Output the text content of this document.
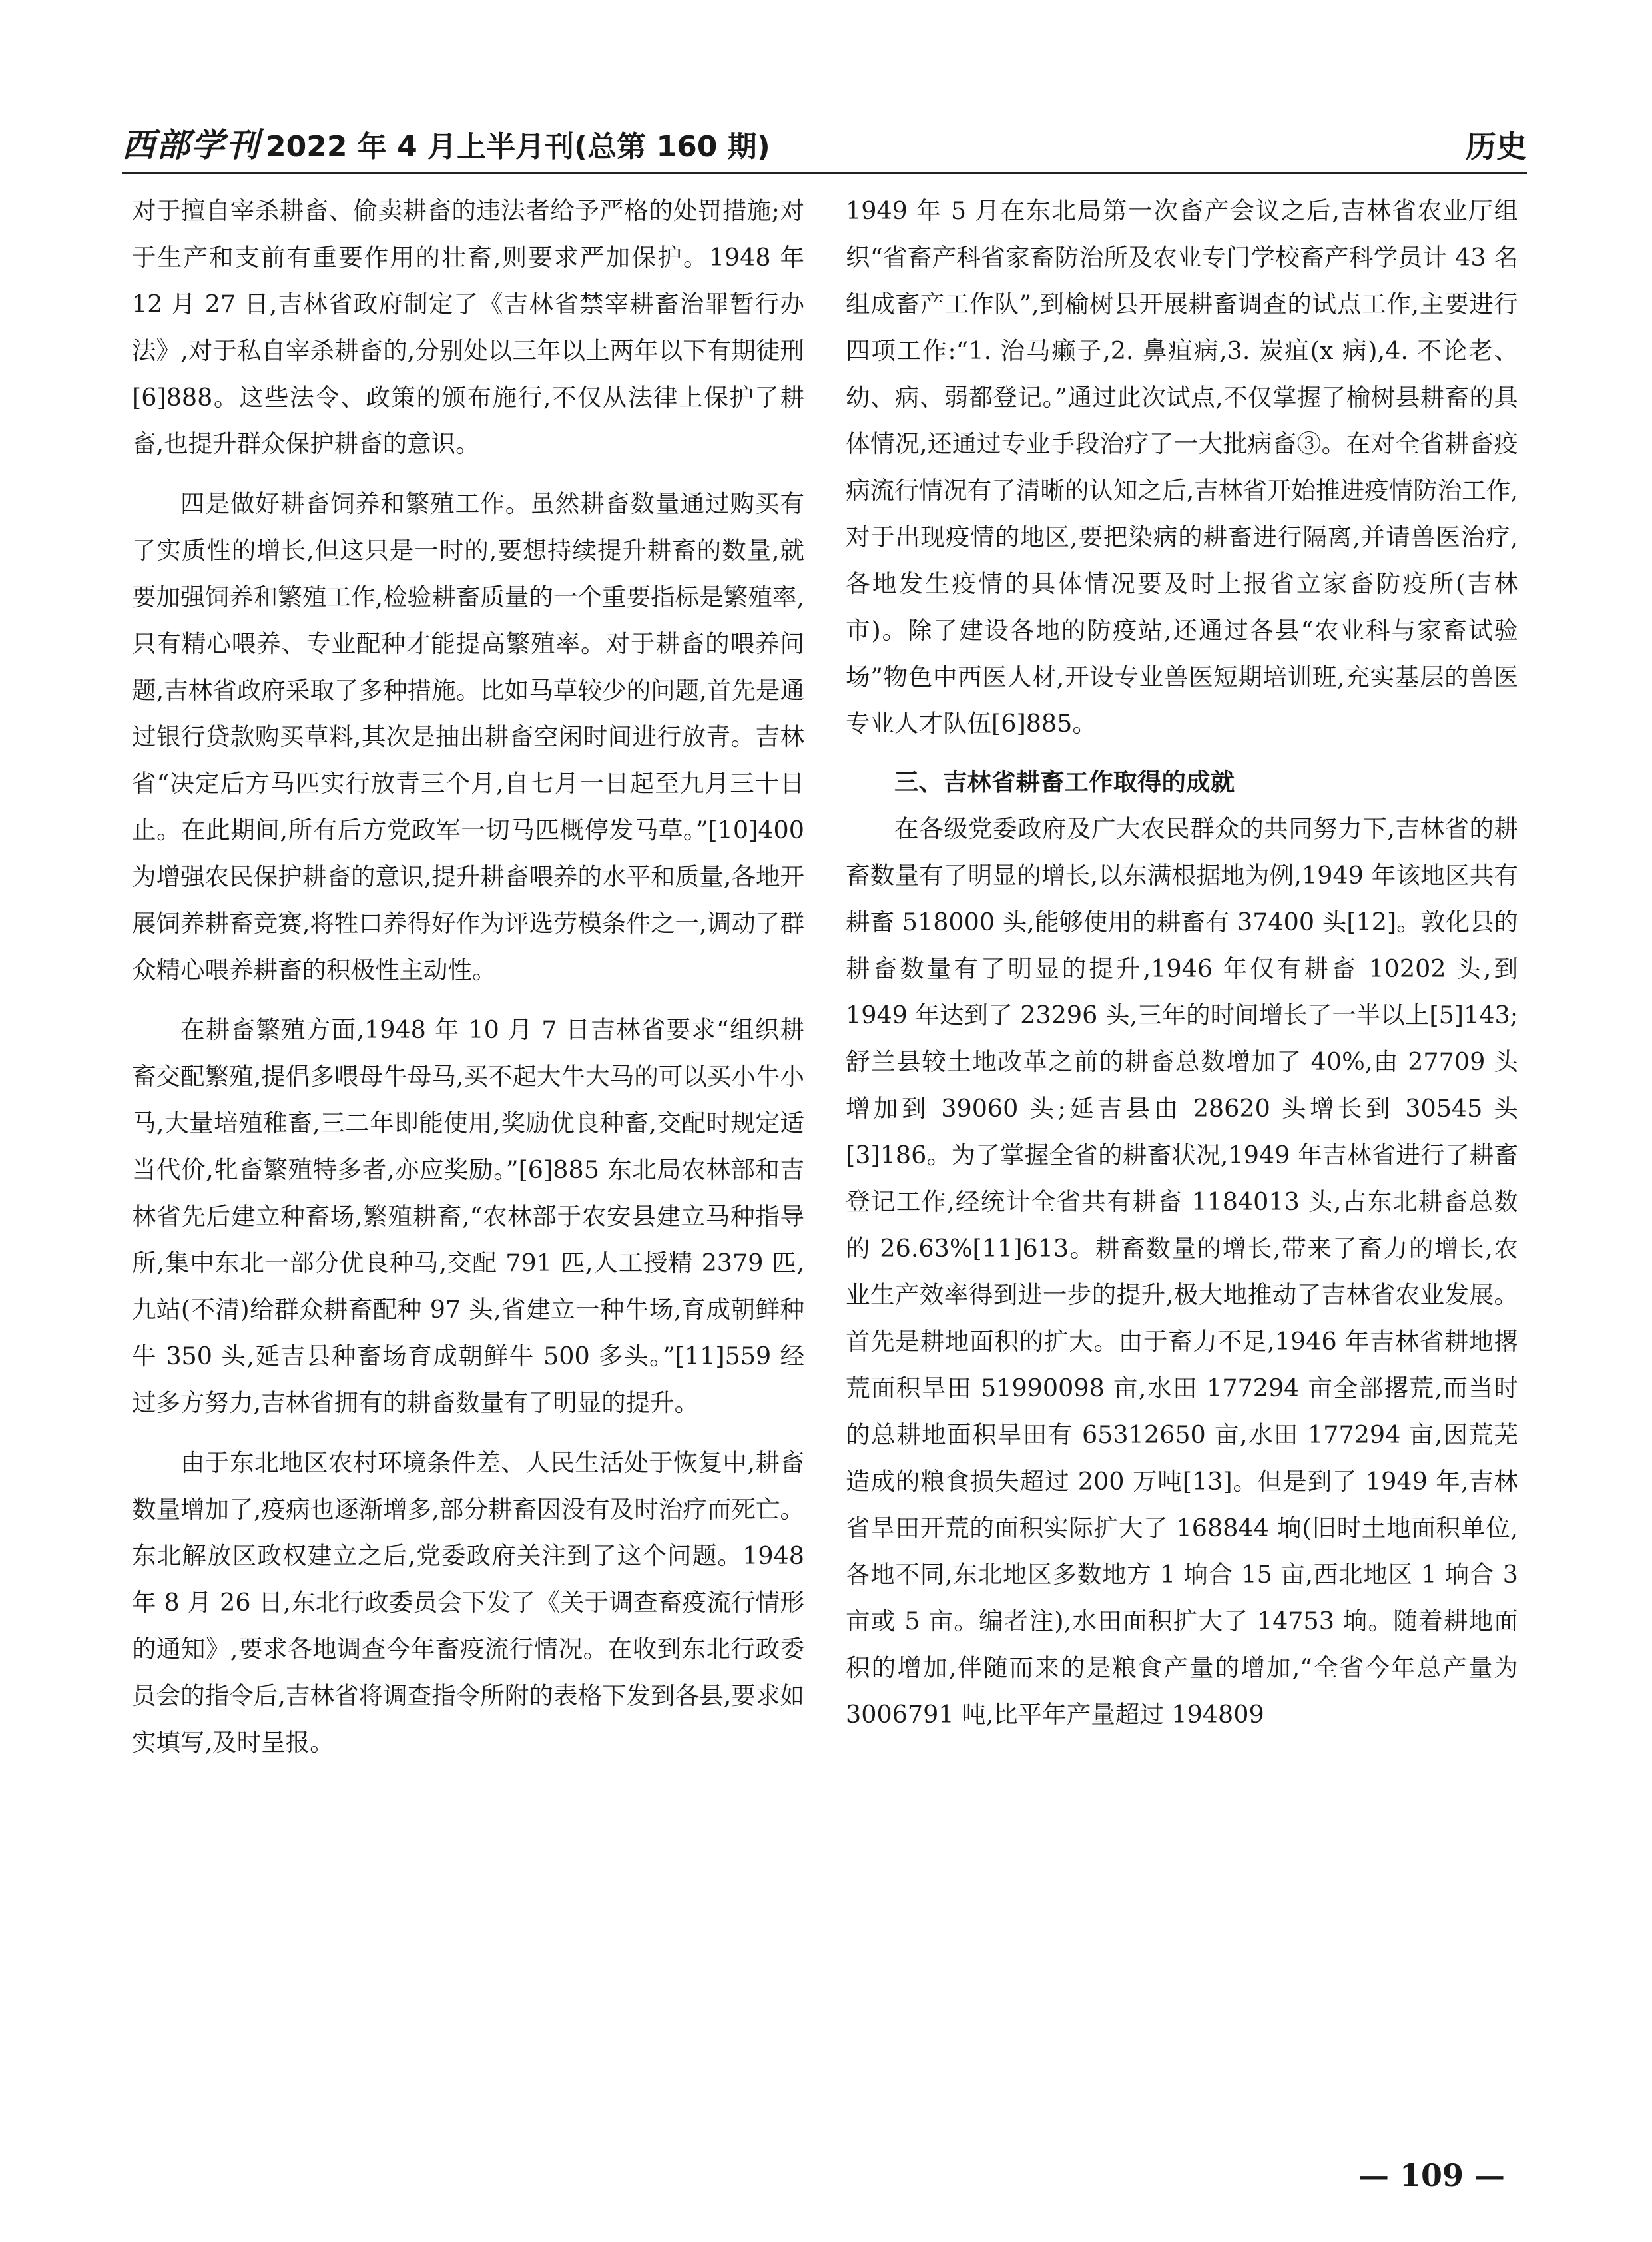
西部学刊 2022 年 4 月上半月刊(总第 160 期)	历史

对于擅自宰杀耕畜、偷卖耕畜的违法者给予严格的处罚措施;对于生产和支前有重要作用的壮畜,则要求严加保护。1948 年 12 月 27 日,吉林省政府制定了《吉林省禁宰耕畜治罪暂行办法》,对于私自宰杀耕畜的,分别处以三年以上两年以下有期徒刑[6]888。这些法令、政策的颁布施行,不仅从法律上保护了耕畜,也提升群众保护耕畜的意识。

四是做好耕畜饲养和繁殖工作。虽然耕畜数量通过购买有了实质性的增长,但这只是一时的,要想持续提升耕畜的数量,就要加强饲养和繁殖工作,检验耕畜质量的一个重要指标是繁殖率,只有精心喂养、专业配种才能提高繁殖率。对于耕畜的喂养问题,吉林省政府采取了多种措施。比如马草较少的问题,首先是通过银行贷款购买草料,其次是抽出耕畜空闲时间进行放青。吉林省“决定后方马匹实行放青三个月,自七月一日起至九月三十日止。在此期间,所有后方党政军一切马匹概停发马草。”[10]400 为增强农民保护耕畜的意识,提升耕畜喂养的水平和质量,各地开展饲养耕畜竞赛,将牲口养得好作为评选劳模条件之一,调动了群众精心喂养耕畜的积极性主动性。

在耕畜繁殖方面,1948 年 10 月 7 日吉林省要求“组织耕畜交配繁殖,提倡多喂母牛母马,买不起大牛大马的可以买小牛小马,大量培殖稚畜,三二年即能使用,奖励优良种畜,交配时规定适当代价,牝畜繁殖特多者,亦应奖励。”[6]885 东北局农林部和吉林省先后建立种畜场,繁殖耕畜,“农林部于农安县建立马种指导所,集中东北一部分优良种马,交配 791 匹,人工授精 2379 匹,九站(不清)给群众耕畜配种 97 头,省建立一种牛场,育成朝鲜种牛 350 头,延吉县种畜场育成朝鲜牛 500 多头。”[11]559 经过多方努力,吉林省拥有的耕畜数量有了明显的提升。

由于东北地区农村环境条件差、人民生活处于恢复中,耕畜数量增加了,疫病也逐渐增多,部分耕畜因没有及时治疗而死亡。东北解放区政权建立之后,党委政府关注到了这个问题。1948 年 8 月 26 日,东北行政委员会下发了《关于调查畜疫流行情形的通知》,要求各地调查今年畜疫流行情况。在收到东北行政委员会的指令后,吉林省将调查指令所附的表格下发到各县,要求如实填写,及时呈报。

1949 年 5 月在东北局第一次畜产会议之后,吉林省农业厅组织“省畜产科省家畜防治所及农业专门学校畜产科学员计 43 名组成畜产工作队”,到榆树县开展耕畜调查的试点工作,主要进行四项工作:“1. 治马癞子,2. 鼻疽病,3. 炭疽(x 病),4. 不论老、幼、病、弱都登记。”通过此次试点,不仅掌握了榆树县耕畜的具体情况,还通过专业手段治疗了一大批病畜③。在对全省耕畜疫病流行情况有了清晰的认知之后,吉林省开始推进疫情防治工作,对于出现疫情的地区,要把染病的耕畜进行隔离,并请兽医治疗,各地发生疫情的具体情况要及时上报省立家畜防疫所(吉林市)。除了建设各地的防疫站,还通过各县“农业科与家畜试验场”物色中西医人材,开设专业兽医短期培训班,充实基层的兽医专业人才队伍[6]885。

三、吉林省耕畜工作取得的成就

在各级党委政府及广大农民群众的共同努力下,吉林省的耕畜数量有了明显的增长,以东满根据地为例,1949 年该地区共有耕畜 518000 头,能够使用的耕畜有 37400 头[12]。敦化县的耕畜数量有了明显的提升,1946 年仅有耕畜 10202 头,到 1949 年达到了 23296 头,三年的时间增长了一半以上[5]143;舒兰县较土地改革之前的耕畜总数增加了 40%,由 27709 头增加到 39060 头;延吉县由 28620 头增长到 30545 头[3]186。为了掌握全省的耕畜状况,1949 年吉林省进行了耕畜登记工作,经统计全省共有耕畜 1184013 头,占东北耕畜总数的 26.63%[11]613。耕畜数量的增长,带来了畜力的增长,农业生产效率得到进一步的提升,极大地推动了吉林省农业发展。首先是耕地面积的扩大。由于畜力不足,1946 年吉林省耕地撂荒面积旱田 51990098 亩,水田 177294 亩全部撂荒,而当时的总耕地面积旱田有 65312650 亩,水田 177294 亩,因荒芜造成的粮食损失超过 200 万吨[13]。但是到了 1949 年,吉林省旱田开荒的面积实际扩大了 168844 垧(旧时土地面积单位,各地不同,东北地区多数地方 1 垧合 15 亩,西北地区 1 垧合 3 亩或 5 亩。编者注),水田面积扩大了 14753 垧。随着耕地面积的增加,伴随而来的是粮食产量的增加,“全省今年总产量为 3006791 吨,比平年产量超过 194809

— 109 —
